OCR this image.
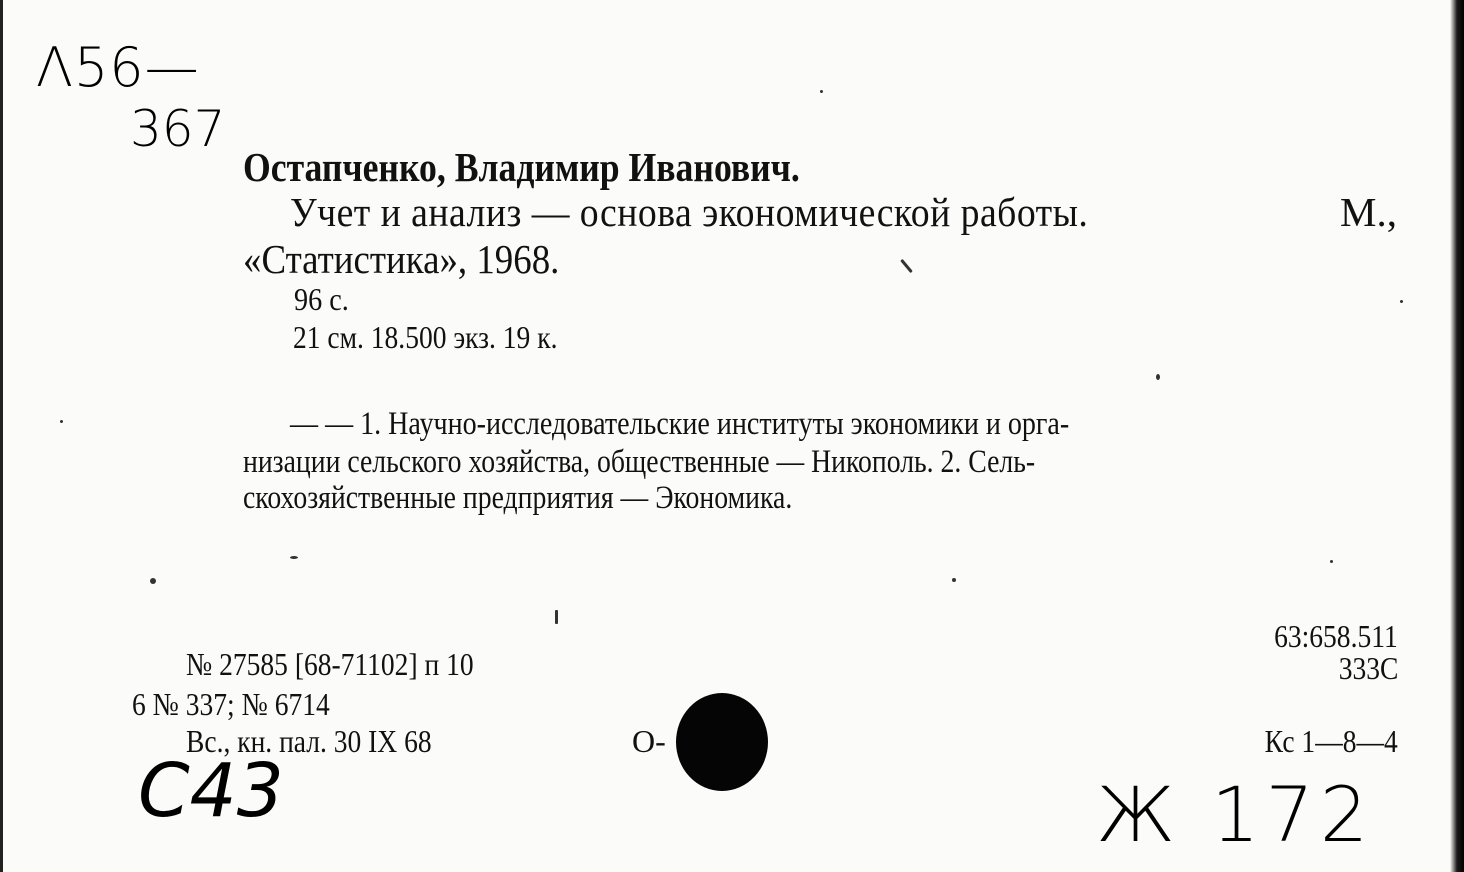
Λ56—
367
Остапченко, Владимир Иванович.
Учет и анализ — основа экономической работы.	М.,
«Статистика», 1968.
96 с.
21 см. 18.500 экз. 19 к.
— — 1. Научно-исследовательские институты экономики и орга-
низации сельского хозяйства, общественные — Никополь. 2. Сель-
скохозяйственные предприятия — Экономика.
№ 27585 [68-71102] п 10
6 № 337; № 6714
Вс., кн. пал. 30 IX 68	О-
63:658.511
333С
Кс 1—8—4
С43	Ж 172
